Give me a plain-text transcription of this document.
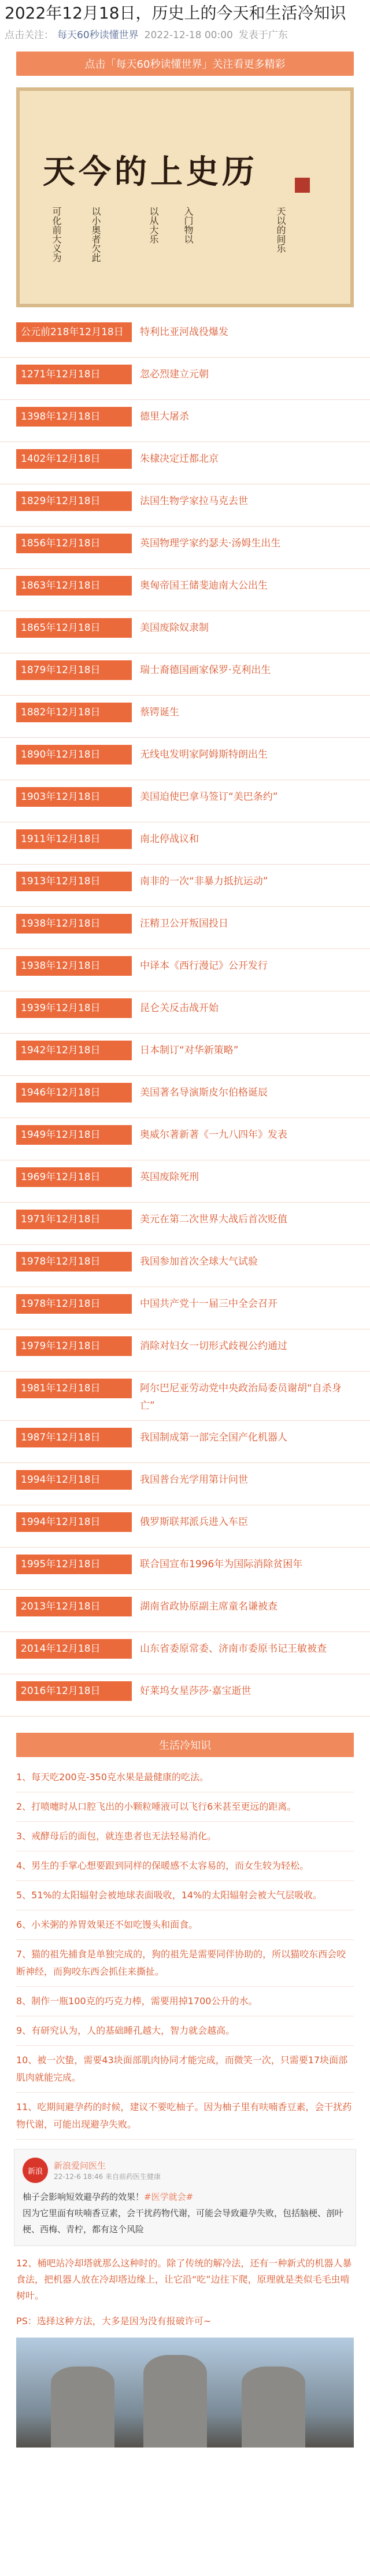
2022年12月18日，历史上的今天和生活冷知识
点击关注： 每天60秒读懂世界 2022-12-18 00:00 发表于广东
点击「每天60秒读懂世界」关注看更多精彩
天今的上史历
可化前大义为	以小奥者欠此	以从大乐	入门物以	天以的间乐
公元前218年12月18日	特利比亚河战役爆发
1271年12月18日	忽必烈建立元朝
1398年12月18日	德里大屠杀
1402年12月18日	朱棣决定迁都北京
1829年12月18日	法国生物学家拉马克去世
1856年12月18日	英国物理学家约瑟夫·汤姆生出生
1863年12月18日	奥匈帝国王储斐迪南大公出生
1865年12月18日	美国废除奴隶制
1879年12月18日	瑞士裔德国画家保罗·克利出生
1882年12月18日	蔡锷诞生
1890年12月18日	无线电发明家阿姆斯特朗出生
1903年12月18日	美国迫使巴拿马签订“美巴条约”
1911年12月18日	南北停战议和
1913年12月18日	南非的一次“非暴力抵抗运动”
1938年12月18日	汪精卫公开叛国投日
1938年12月18日	中译本《西行漫记》公开发行
1939年12月18日	昆仑关反击战开始
1942年12月18日	日本制订“对华新策略”
1946年12月18日	美国著名导演斯皮尔伯格诞辰
1949年12月18日	奥威尔著新著《一九八四年》发表
1969年12月18日	英国废除死刑
1971年12月18日	美元在第二次世界大战后首次贬值
1978年12月18日	我国参加首次全球大气试验
1978年12月18日	中国共产党十一届三中全会召开
1979年12月18日	消除对妇女一切形式歧视公约通过
1981年12月18日	阿尔巴尼亚劳动党中央政治局委员谢胡“自杀身亡”
1987年12月18日	我国制成第一部完全国产化机器人
1994年12月18日	我国普台光学用第计问世
1994年12月18日	俄罗斯联邦派兵进入车臣
1995年12月18日	联合国宣布1996年为国际消除贫困年
2013年12月18日	湖南省政协原副主席童名谦被查
2014年12月18日	山东省委原常委、济南市委原书记王敏被查
2016年12月18日	好莱坞女星莎莎·嘉宝逝世
生活冷知识
1、每天吃200克-350克水果是最健康的吃法。
2、打喷嚏时从口腔飞出的小颗粒唾液可以飞行6米甚至更远的距离。
3、戒酵母后的面包，就连患者也无法轻易消化。
4、男生的手掌心想要跟到同样的保暖感不太容易的，而女生较为轻松。
5、51%的太阳辐射会被地球表面吸收，14%的太阳辐射会被大气层吸收。
6、小米粥的养胃效果还不如吃馒头和面食。
7、猫的祖先捕食是单独完成的，狗的祖先是需要同伴协助的，所以猫咬东西会咬断神经，而狗咬东西会抓住来撕扯。
8、制作一瓶100克的巧克力棒，需要用掉1700公升的水。
9、有研究认为，人的基础睡孔越大，智力就会越高。
10、被一次蛰，需要43块面部肌肉协同才能完成，而微笑一次，只需要17块面部肌肉就能完成。
11、吃期间避孕药的时候，建议不要吃柚子。因为柚子里有呋喃香豆素，会干扰药物代谢，可能出现避孕失败。
新浪
新浪爱问医生
22-12-6 18:46 来自前药医生健康
柚子会影响短效避孕药的效果！#医学就会#
因为它里面有呋喃香豆素，会干扰药物代谢，可能会导致避孕失败，包括脑梗、剖叶梗、西梅、青柠，都有这个风险
12、桶吧站冷却塔就那么这种时的。除了传统的解冷法，还有一种新式的机器人暴食法，把机器人放在冷却塔边缘上，让它沿“吃”边往下爬，原理就是类似毛毛虫啃树叶。
PS：选择这种方法，大多是因为没有报破许可~
